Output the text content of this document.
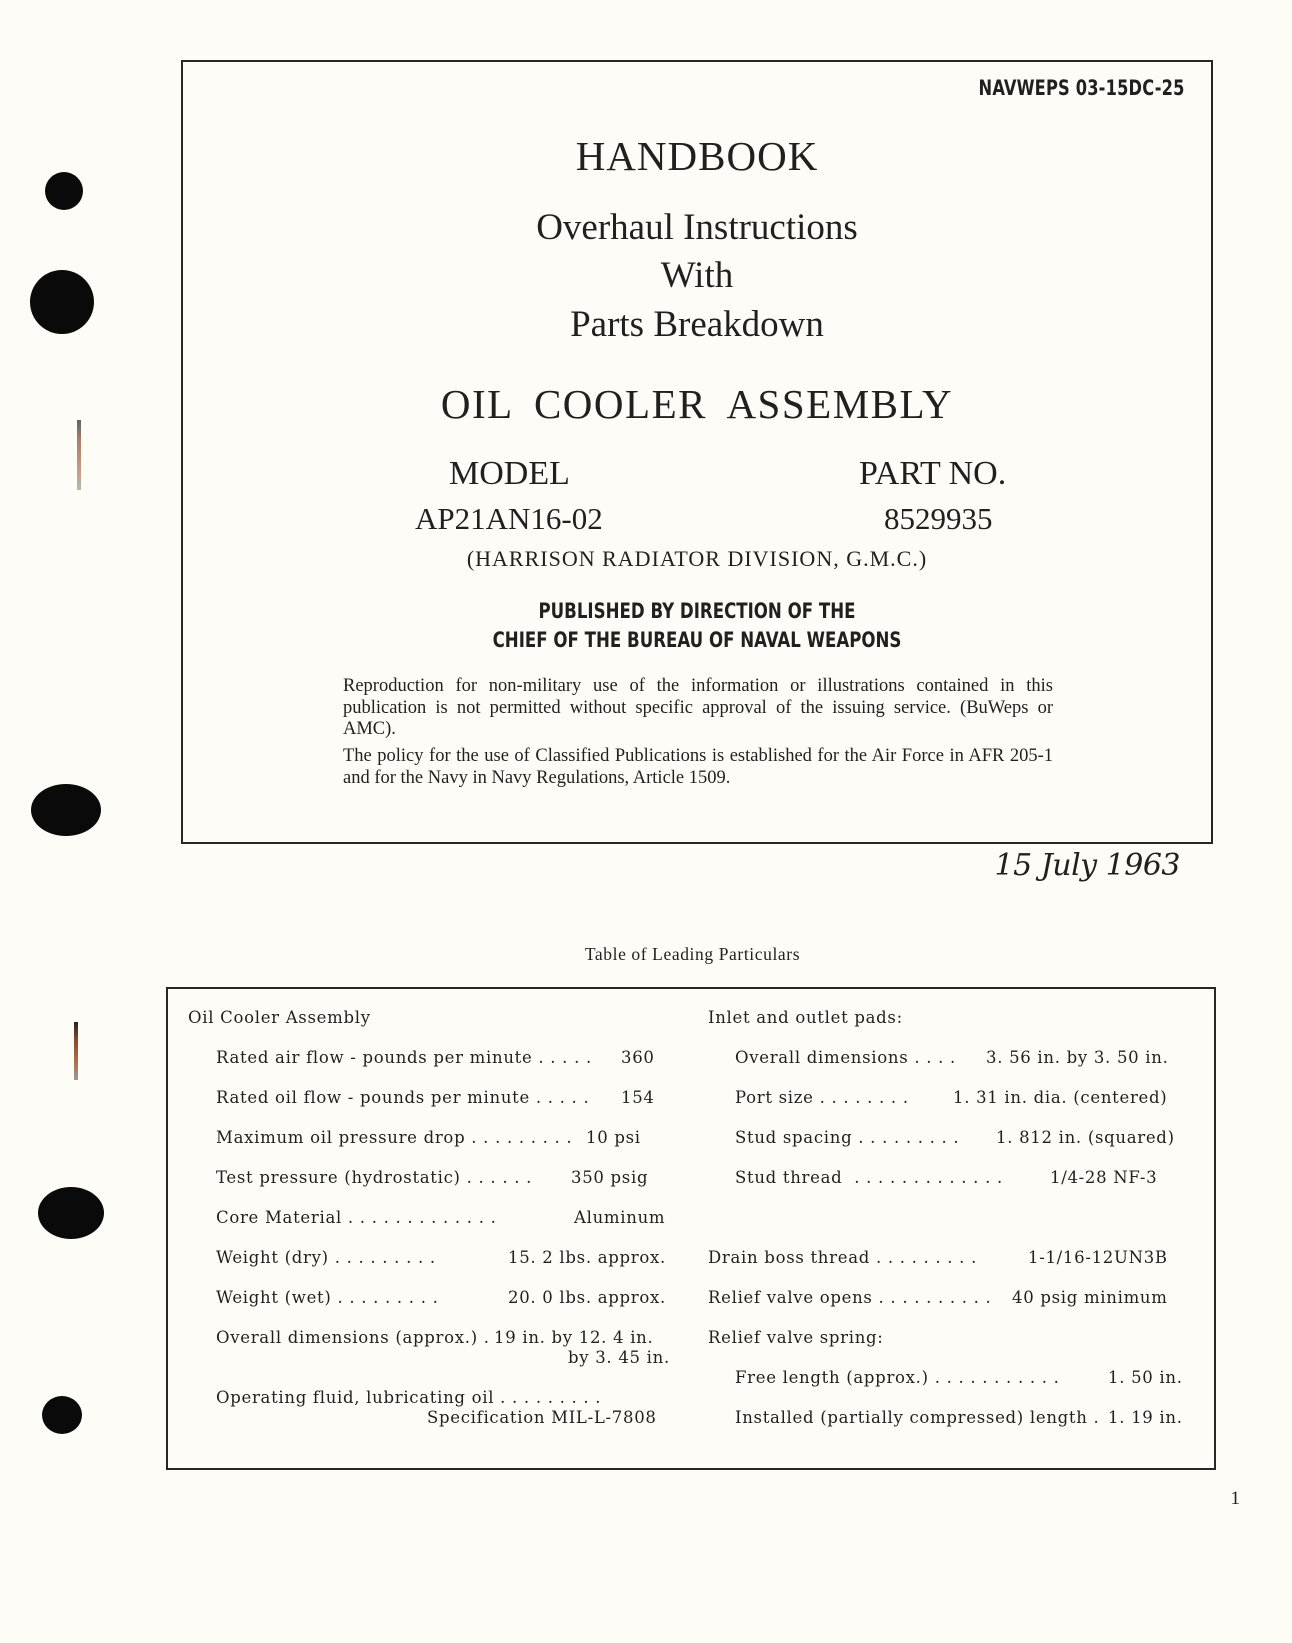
NAVWEPS 03-15DC-25
HANDBOOK
Overhaul Instructions
With
Parts Breakdown
OIL COOLER ASSEMBLY
MODEL
AP21AN16-02
PART NO.
8529935
(HARRISON RADIATOR DIVISION, G.M.C.)
PUBLISHED BY DIRECTION OF THE
CHIEF OF THE BUREAU OF NAVAL WEAPONS
Reproduction for non-military use of the information or illustrations contained in this publication is not permitted without specific approval of the issuing service. (BuWeps or AMC).
The policy for the use of Classified Publications is established for the Air Force in AFR 205-1 and for the Navy in Navy Regulations, Article 1509.
15 July 1963
Table of Leading Particulars
Oil Cooler Assembly
Rated air flow - pounds per minute . . . . . 360
Rated oil flow - pounds per minute . . . . . 154
Maximum oil pressure drop . . . . . . . . . 10 psi
Test pressure (hydrostatic) . . . . . . 350 psig
Core Material . . . . . . . . . . . . .	Aluminum
Weight (dry) . . . . . . . . .	15. 2 lbs. approx.
Weight (wet) . . . . . . . . .	20. 0 lbs. approx.
Overall dimensions (approx.) . 19 in. by 12. 4 in.
by 3. 45 in.
Operating fluid, lubricating oil . . . . . . . . .
Specification MIL-L-7808
Inlet and outlet pads:
Overall dimensions . . . . 3. 56 in. by 3. 50 in.
Port size . . . . . . . . 1. 31 in. dia. (centered)
Stud spacing . . . . . . . . . 1. 812 in. (squared)
Stud thread  . . . . . . . . . . . . . 1/4-28 NF-3
Drain boss thread . . . . . . . . .	1-1/16-12UN3B
Relief valve opens . . . . . . . . . . 40 psig minimum
Relief valve spring:
Free length (approx.) . . . . . . . . . . .	1. 50 in.
Installed (partially compressed) length . 1. 19 in.
1
